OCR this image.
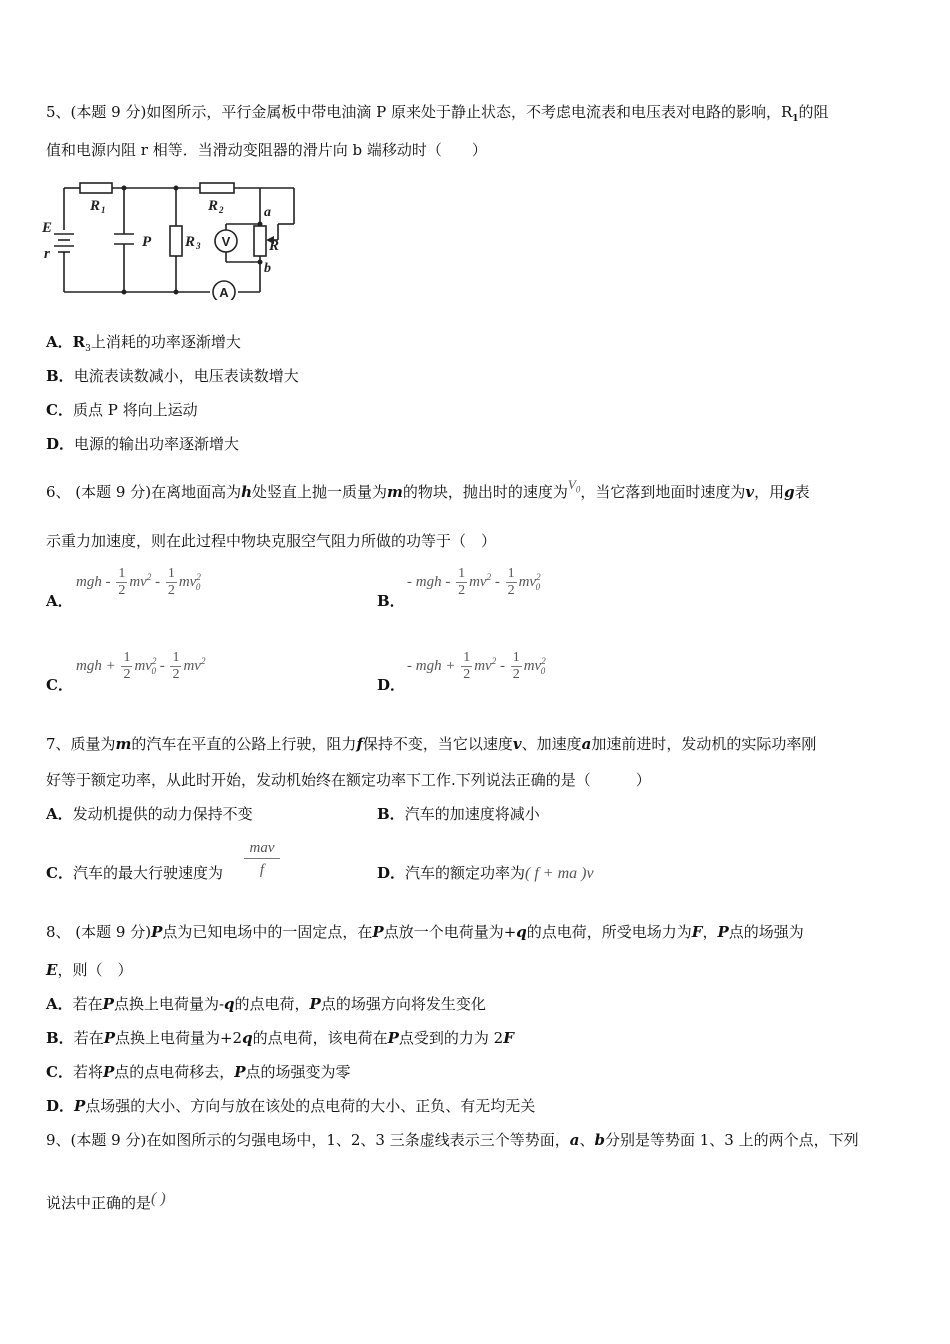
5、(本题 9 分)如图所示，平行金属板中带电油滴 P 原来处于静止状态，不考虑电流表和电压表对电路的影响，$R_1$的阻
值和电源内阻 r 相等．当滑动变阻器的滑片向 b 端移动时（　　）
V
A
E
r
P	R
a
b
R 1	R 2
R 3
A．$R_3$上消耗的功率逐渐增大
B．电流表读数减小，电压表读数增大
C．质点 P 将向上运动
D．电源的输出功率逐渐增大
6、 (本题 9 分)在离地面高为h处竖直上抛一质量为m的物块，抛出时的速度为$V_0$，当它落到地面时速度为v，用g表
示重力加速度，则在此过程中物块克服空气阻力所做的功等于（　）
A．
mgh - $\frac{1}{2} mv^2 - \frac{1}{2} mv^2_0$
B．
- mgh - $\frac{1}{2} mv^2 - \frac{1}{2} mv^2_0$
C．
mgh + $\frac{1}{2} mv^2_0 - \frac{1}{2} mv^2$
D．
- mgh + $\frac{1}{2} mv^2 - \frac{1}{2} mv^2_0$
7、质量为m的汽车在平直的公路上行驶，阻力f保持不变，当它以速度v、加速度a加速前进时，发动机的实际功率刚
好等于额定功率，从此时开始，发动机始终在额定功率下工作.下列说法正确的是（　　　）
A．发动机提供的动力保持不变	B．汽车的加速度将减小
C．汽车的最大行驶速度为
mav
f	D．汽车的额定功率为( f + ma )v
8、 (本题 9 分)P点为已知电场中的一固定点，在P点放一个电荷量为+q的点电荷，所受电场力为F，P点的场强为
E，则（　）
A．若在P点换上电荷量为-q的点电荷，P点的场强方向将发生变化
B．若在P点换上电荷量为+2q的点电荷，该电荷在P点受到的力为 2F
C．若将P点的点电荷移去，P点的场强变为零
D．P点场强的大小、方向与放在该处的点电荷的大小、正负、有无均无关
9、(本题 9 分)在如图所示的匀强电场中，1、2、3 三条虚线表示三个等势面，a、b分别是等势面 1、3 上的两个点，下列
说法中正确的是( )
